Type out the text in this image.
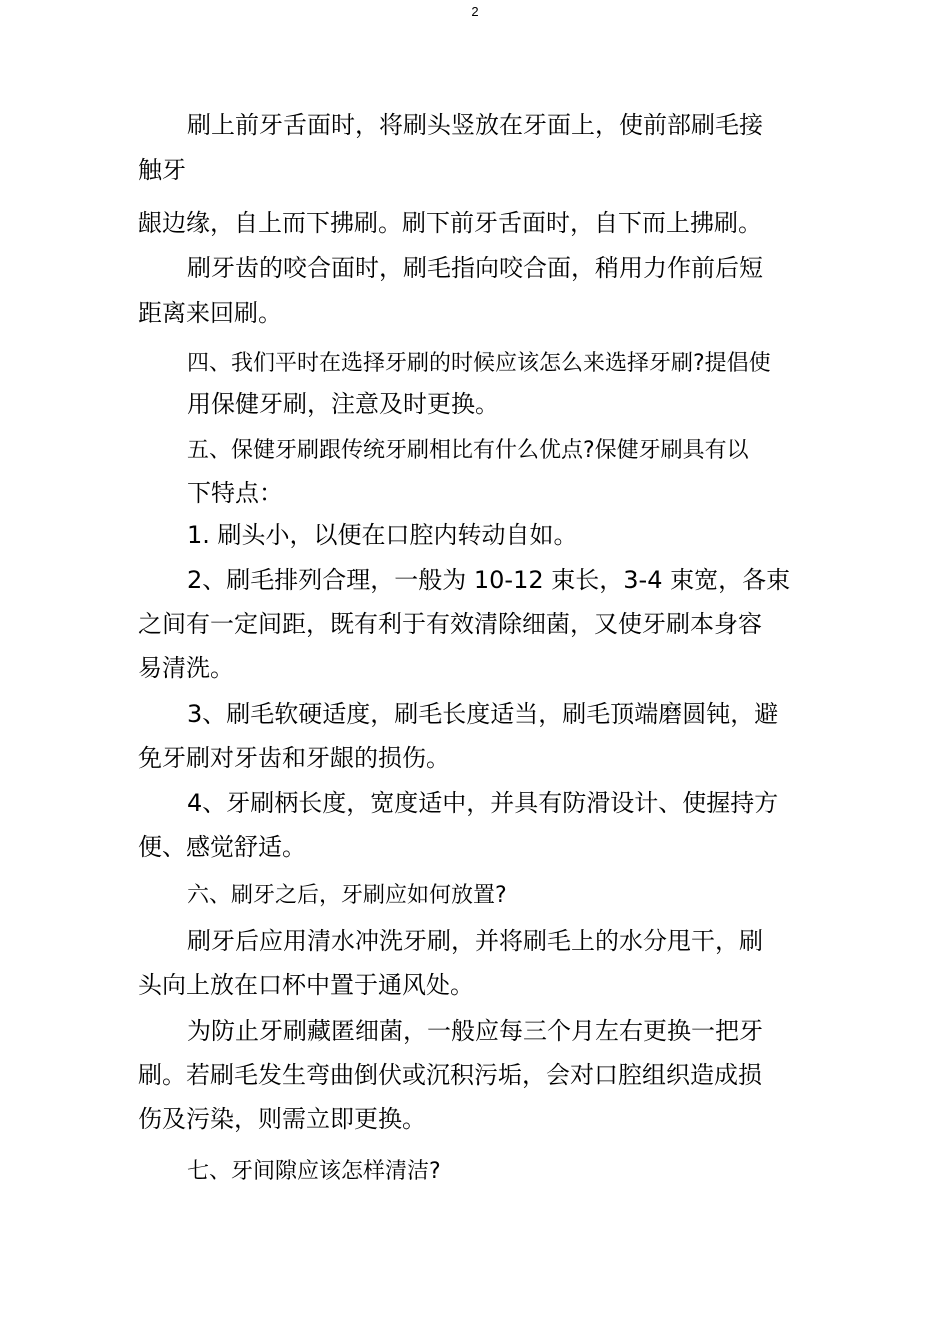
2
刷上前牙舌面时，将刷头竖放在牙面上，使前部刷毛接
触牙
龈边缘，自上而下拂刷。刷下前牙舌面时，自下而上拂刷。
刷牙齿的咬合面时，刷毛指向咬合面，稍用力作前后短
距离来回刷。
四、我们平时在选择牙刷的时候应该怎么来选择牙刷?提倡使
用保健牙刷，注意及时更换。
五、保健牙刷跟传统牙刷相比有什么优点?保健牙刷具有以
下特点：
1. 刷头小，以便在口腔内转动自如。
2、刷毛排列合理，一般为 10-12 束长，3-4 束宽，各束
之间有一定间距，既有利于有效清除细菌，又使牙刷本身容
易清洗。
3、刷毛软硬适度，刷毛长度适当，刷毛顶端磨圆钝，避
免牙刷对牙齿和牙龈的损伤。
4、牙刷柄长度，宽度适中，并具有防滑设计、使握持方
便、感觉舒适。
六、刷牙之后，牙刷应如何放置?
刷牙后应用清水冲洗牙刷，并将刷毛上的水分甩干，刷
头向上放在口杯中置于通风处。
为防止牙刷藏匿细菌，一般应每三个月左右更换一把牙
刷。若刷毛发生弯曲倒伏或沉积污垢，会对口腔组织造成损
伤及污染，则需立即更换。
七、牙间隙应该怎样清洁?
